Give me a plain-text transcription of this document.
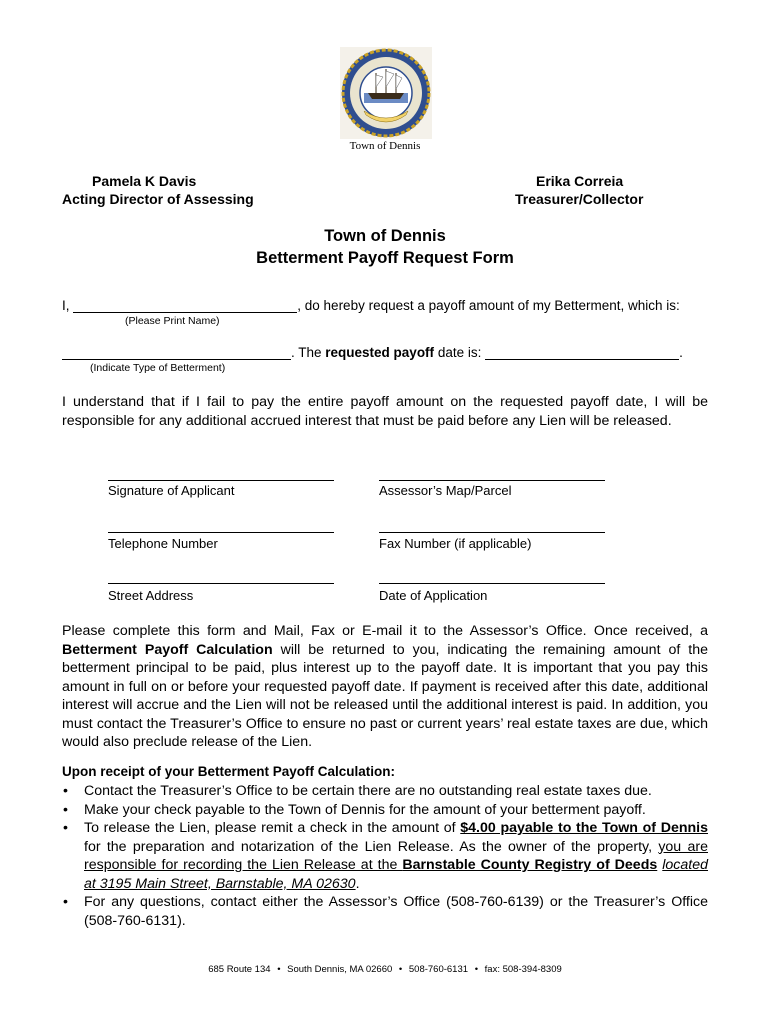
Town of Dennis
Pamela K Davis
Acting Director of Assessing
Erika Correia
Treasurer/Collector
Town of Dennis
Betterment Payoff Request Form
I,	, do hereby request a payoff amount of my Betterment, which is:
(Please Print Name)
. The requested payoff date is:	.
(Indicate Type of Betterment)
I understand that if I fail to pay the entire payoff amount on the requested payoff date, I will be responsible for any additional accrued interest that must be paid before any Lien will be released.
Signature of Applicant	Assessor’s Map/Parcel
Telephone Number	Fax Number (if applicable)
Street Address	Date of Application
Please complete this form and Mail, Fax or E-mail it to the Assessor’s Office. Once received, a Betterment Payoff Calculation will be returned to you, indicating the remaining amount of the betterment principal to be paid, plus interest up to the payoff date. It is important that you pay this amount in full on or before your requested payoff date. If payment is received after this date, additional interest will accrue and the Lien will not be released until the additional interest is paid. In addition, you must contact the Treasurer’s Office to ensure no past or current years’ real estate taxes are due, which would also preclude release of the Lien.
Upon receipt of your Betterment Payoff Calculation:
• Contact the Treasurer’s Office to be certain there are no outstanding real estate taxes due.
• Make your check payable to the Town of Dennis for the amount of your betterment payoff.
• To release the Lien, please remit a check in the amount of $4.00 payable to the Town of Dennis for the preparation and notarization of the Lien Release. As the owner of the property, you are responsible for recording the Lien Release at the Barnstable County Registry of Deeds located at 3195 Main Street, Barnstable, MA 02630.
• For any questions, contact either the Assessor’s Office (508-760-6139) or the Treasurer’s Office (508-760-6131).
685 Route 134 • South Dennis, MA 02660 • 508-760-6131 • fax: 508-394-8309
